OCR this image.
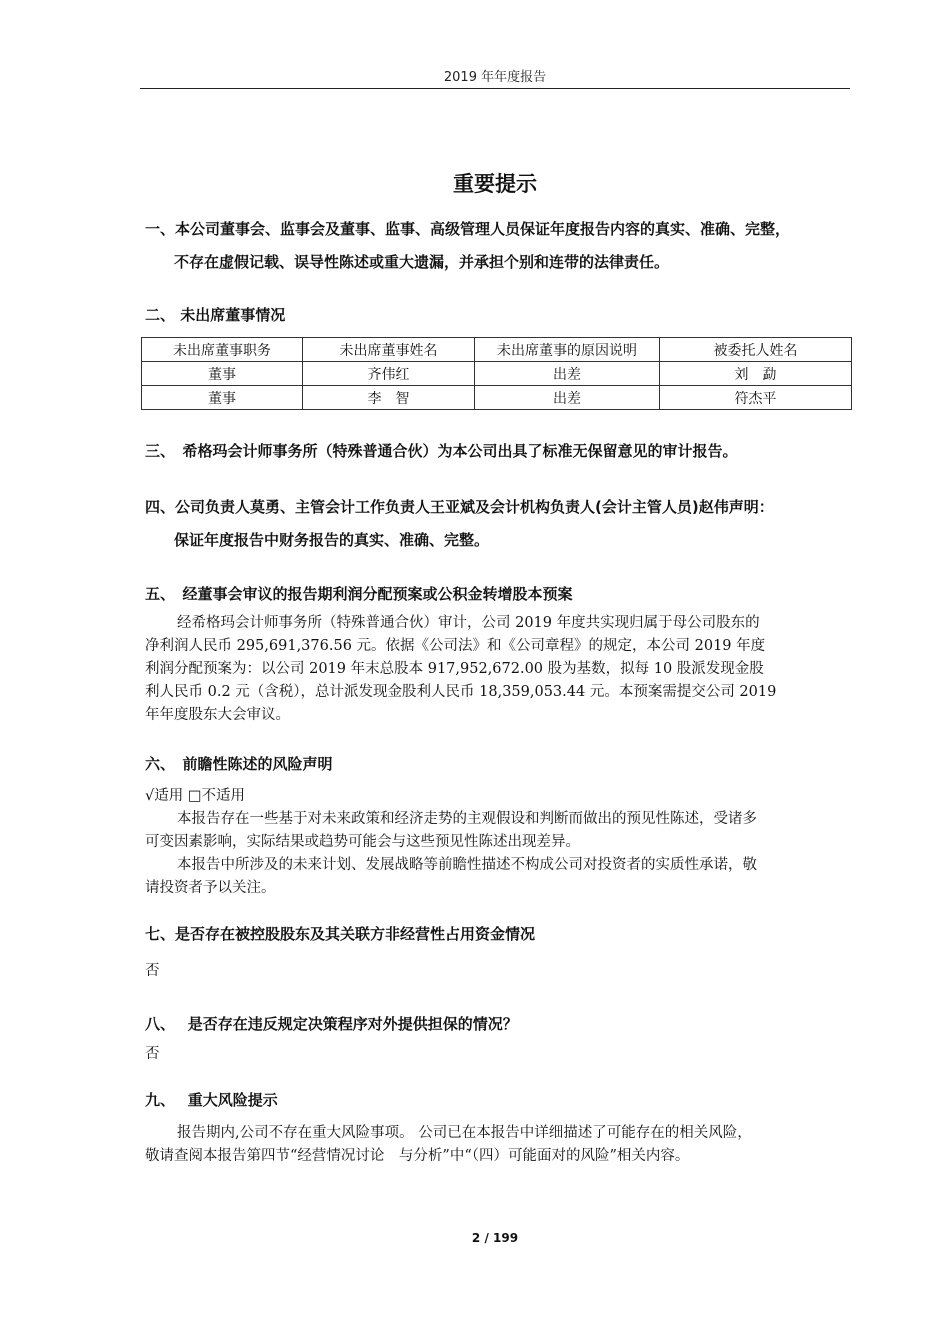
2019 年年度报告
重要提示
一、本公司董事会、监事会及董事、监事、高级管理人员保证年度报告内容的真实、准确、完整，
不存在虚假记载、误导性陈述或重大遗漏，并承担个别和连带的法律责任。
二、 未出席董事情况
未出席董事职务	未出席董事姓名	未出席董事的原因说明	被委托人姓名
董事	齐伟红	出差	刘　勐
董事	李　智	出差	符杰平
三、　希格玛会计师事务所（特殊普通合伙）为本公司出具了标准无保留意见的审计报告。
四、公司负责人莫勇、主管会计工作负责人王亚斌及会计机构负责人(会计主管人员)赵伟声明：
保证年度报告中财务报告的真实、准确、完整。
五、　经董事会审议的报告期利润分配预案或公积金转增股本预案
经希格玛会计师事务所（特殊普通合伙）审计，公司 2019 年度共实现归属于母公司股东的
净利润人民币 295,691,376.56 元。依据《公司法》和《公司章程》的规定，本公司 2019 年度
利润分配预案为：以公司 2019 年末总股本 917,952,672.00 股为基数，拟每 10 股派发现金股
利人民币 0.2 元（含税），总计派发现金股利人民币 18,359,053.44 元。本预案需提交公司 2019
年年度股东大会审议。
六、　前瞻性陈述的风险声明
√适用 □不适用
本报告存在一些基于对未来政策和经济走势的主观假设和判断而做出的预见性陈述，受诸多
可变因素影响，实际结果或趋势可能会与这些预见性陈述出现差异。
本报告中所涉及的未来计划、发展战略等前瞻性描述不构成公司对投资者的实质性承诺，敬
请投资者予以关注。
七、是否存在被控股股东及其关联方非经营性占用资金情况
否
八、　 是否存在违反规定决策程序对外提供担保的情况？
否
九、　 重大风险提示
报告期内,公司不存在重大风险事项。 公司已在本报告中详细描述了可能存在的相关风险，
敬请查阅本报告第四节“经营情况讨论　与分析”中“（四）可能面对的风险”相关内容。
2 / 199
